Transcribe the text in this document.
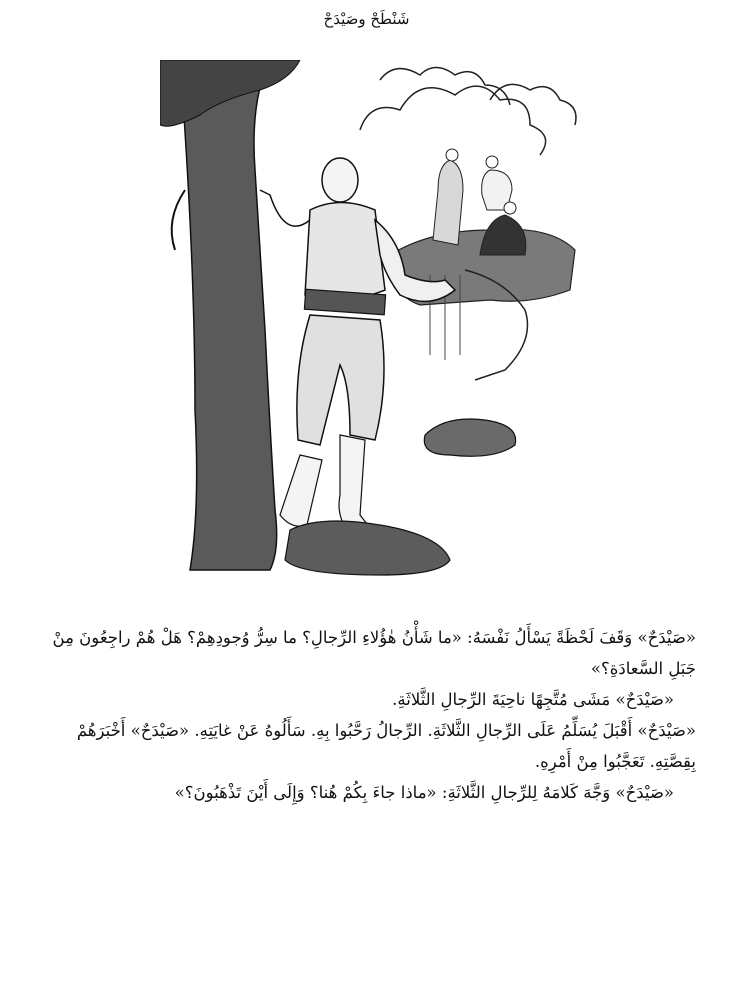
شَنْطَحْ وصَيْدَحْ

«صَيْدَحٌ» وَقَفَ لَحْظَةً يَسْأَلُ نَفْسَهُ: «ما شَأْنُ هٰؤُلاءِ الرِّجالِ؟ ما سِرُّ وُجودِهِمْ؟ هَلْ هُمْ راجِعُونَ مِنْ جَبَلِ السَّعادَةِ؟»

«صَيْدَحٌ» مَشَى مُتَّجِهًا ناحِيَةَ الرِّجالِ الثَّلاثَةِ.

«صَيْدَحٌ» أَقْبَلَ يُسَلِّمُ عَلَى الرِّجالِ الثَّلاثَةِ. الرِّجالُ رَحَّبُوا بِهِ. سَأَلُوهُ عَنْ غايَتِهِ. «صَيْدَحٌ» أَخْبَرَهُمْ بِقِصَّتِهِ. تَعَجَّبُوا مِنْ أَمْرِهِ.

«صَيْدَحٌ» وَجَّهَ كَلامَهُ لِلرِّجالِ الثَّلاثَةِ: «ماذا جاءَ بِكُمْ هُنا؟ وَإِلَى أَيْنَ تَذْهَبُونَ؟»
